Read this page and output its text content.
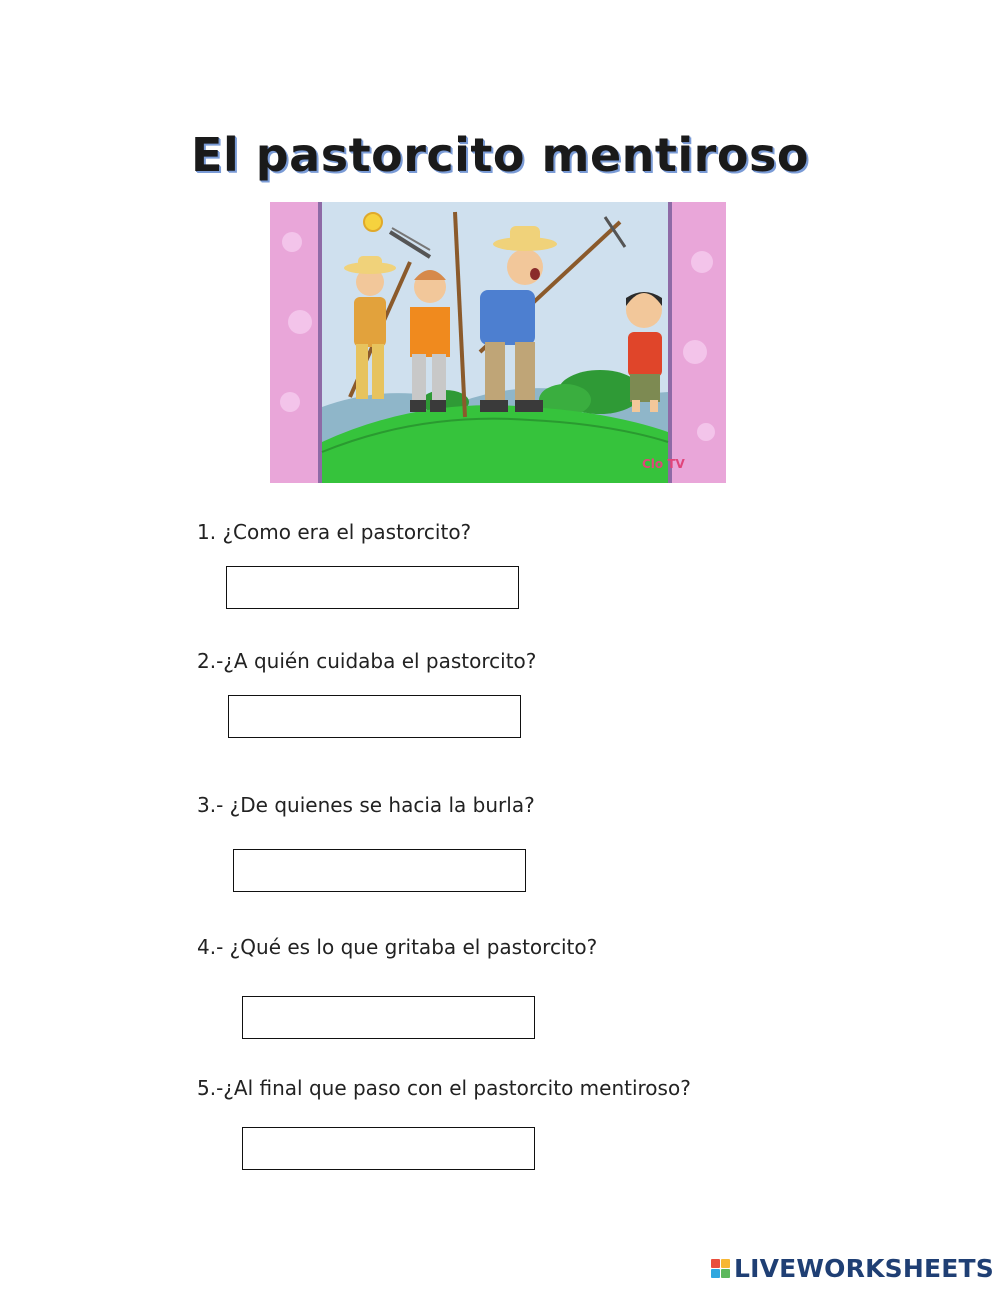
El pastorcito mentiroso
Clo TV
1. ¿Como era el pastorcito?
2.-¿A quién cuidaba el pastorcito?
3.- ¿De quienes se hacia la burla?
4.- ¿Qué es lo que gritaba el pastorcito?
5.-¿Al final que paso con el pastorcito mentiroso?
LIVEWORKSHEETS
